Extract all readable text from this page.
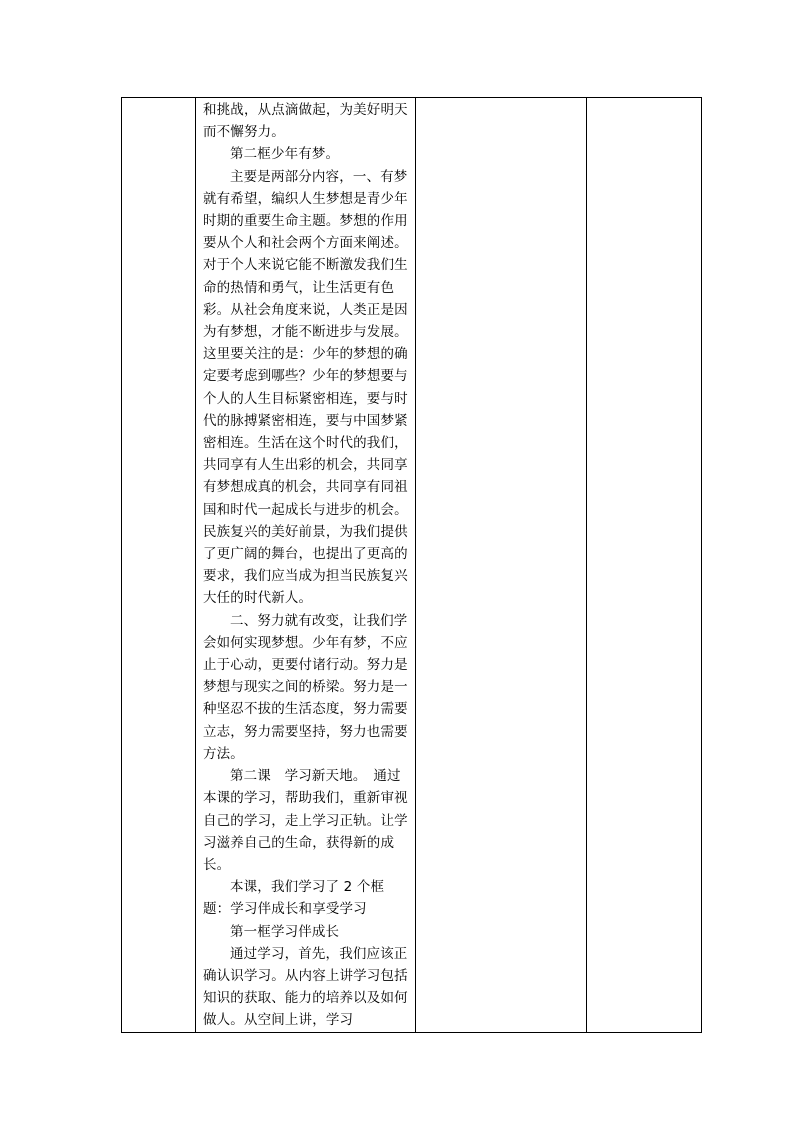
和挑战，从点滴做起，为美好明天而不懈努力。

第二框少年有梦。

主要是两部分内容，一、有梦就有希望，编织人生梦想是青少年时期的重要生命主题。梦想的作用要从个人和社会两个方面来阐述。对于个人来说它能不断激发我们生命的热情和勇气，让生活更有色彩。从社会角度来说，人类正是因为有梦想，才能不断进步与发展。这里要关注的是：少年的梦想的确定要考虑到哪些？少年的梦想要与个人的人生目标紧密相连，要与时代的脉搏紧密相连，要与中国梦紧密相连。生活在这个时代的我们，共同享有人生出彩的机会，共同享有梦想成真的机会，共同享有同祖国和时代一起成长与进步的机会。民族复兴的美好前景，为我们提供了更广阔的舞台，也提出了更高的要求，我们应当成为担当民族复兴大任的时代新人。

二、努力就有改变，让我们学会如何实现梦想。少年有梦，不应止于心动，更要付诸行动。努力是梦想与现实之间的桥梁。努力是一种坚忍不拔的生活态度，努力需要立志，努力需要坚持，努力也需要方法。

第二课　学习新天地。　通过本课的学习，帮助我们，重新审视自己的学习，走上学习正轨。让学习滋养自己的生命，获得新的成长。

本课，我们学习了 2 个框题：学习伴成长和享受学习

第一框学习伴成长

通过学习，首先，我们应该正确认识学习。从内容上讲学习包括知识的获取、能力的培养以及如何做人。从空间上讲，学习
